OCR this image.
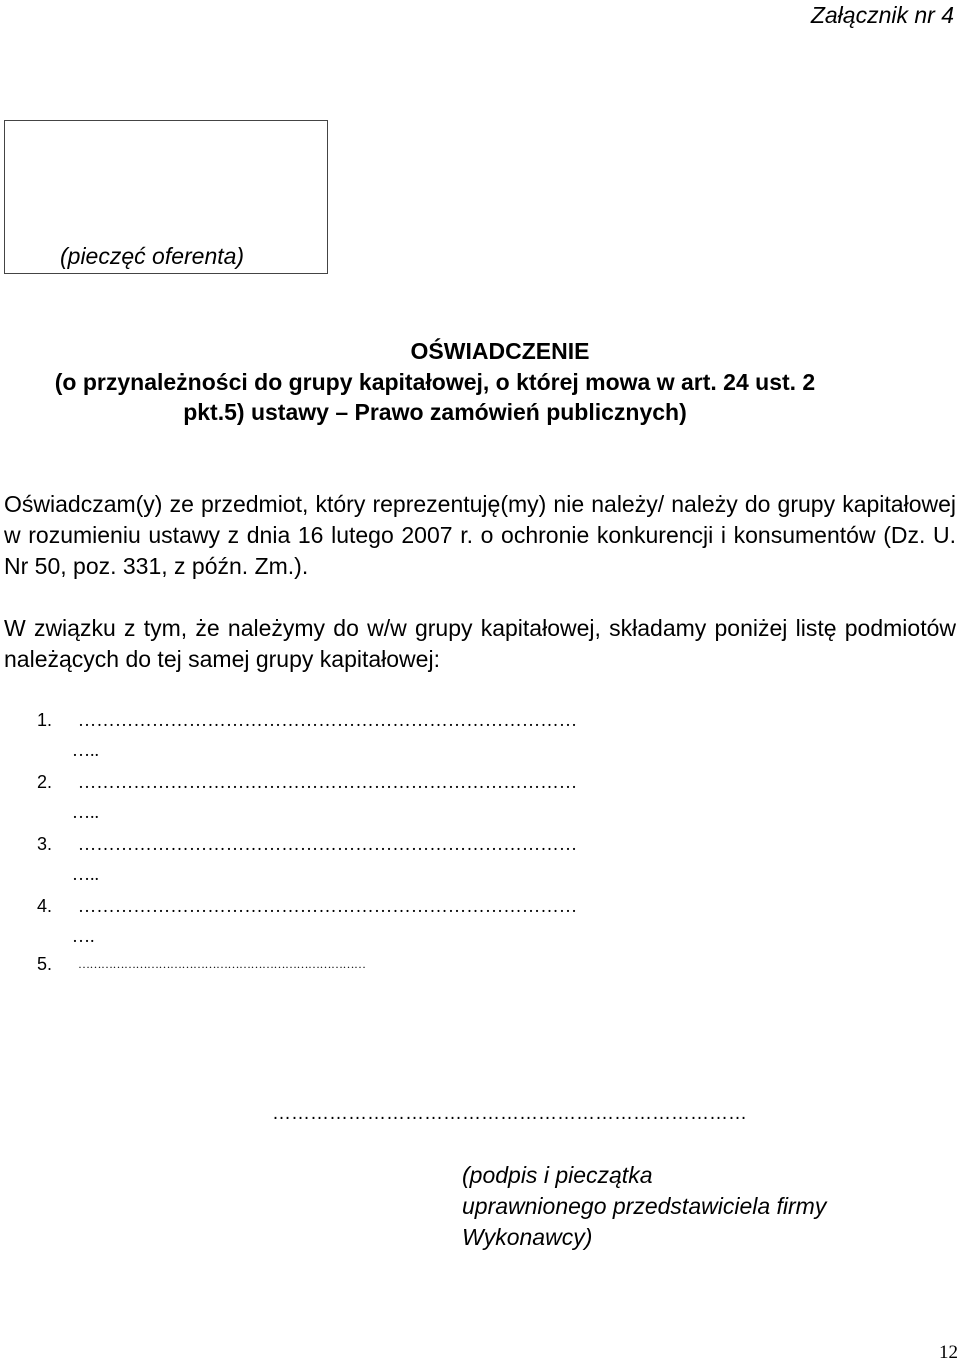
Załącznik nr 4
(pieczęć oferenta)
OŚWIADCZENIE
(o przynależności do grupy kapitałowej, o której mowa w art. 24 ust. 2
pkt.5) ustawy – Prawo zamówień publicznych)
Oświadczam(y) ze przedmiot, który reprezentuję(my) nie należy/ należy do grupy kapitałowej w rozumieniu ustawy z dnia 16 lutego 2007 r. o ochronie konkurencji i konsumentów (Dz. U. Nr 50, poz. 331, z późn. Zm.).
W związku z tym, że należymy do w/w grupy kapitałowej, składamy poniżej listę podmiotów należących do tej samej grupy kapitałowej:
1. ………………………………………………………………………
…..
2. ………………………………………………………………………
…..
3. ………………………………………………………………………
…..
4. ………………………………………………………………………
….
5. …………………………………………………………………
…………………………………………………………………
(podpis i pieczątka
uprawnionego przedstawiciela firmy
Wykonawcy)
12
